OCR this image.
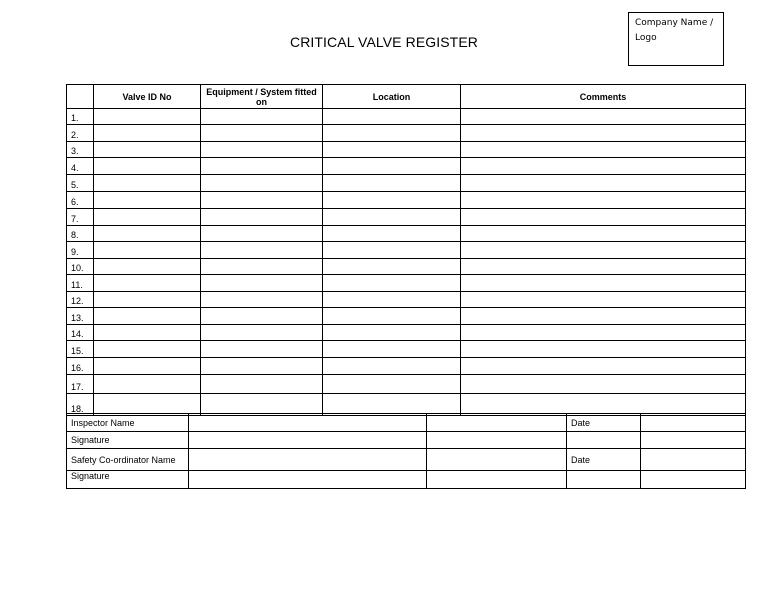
CRITICAL VALVE REGISTER
Company Name / Logo
	Valve ID No	Equipment / System fitted on	Location	Comments
1.				
2.				
3.				
4.				
5.				
6.				
7.				
8.				
9.				
10.				
11.				
12.				
13.				
14.				
15.				
16.				
17.				
18.				
Inspector Name			Date	
Signature				
Safety Co-ordinator Name			Date	
Signature				
